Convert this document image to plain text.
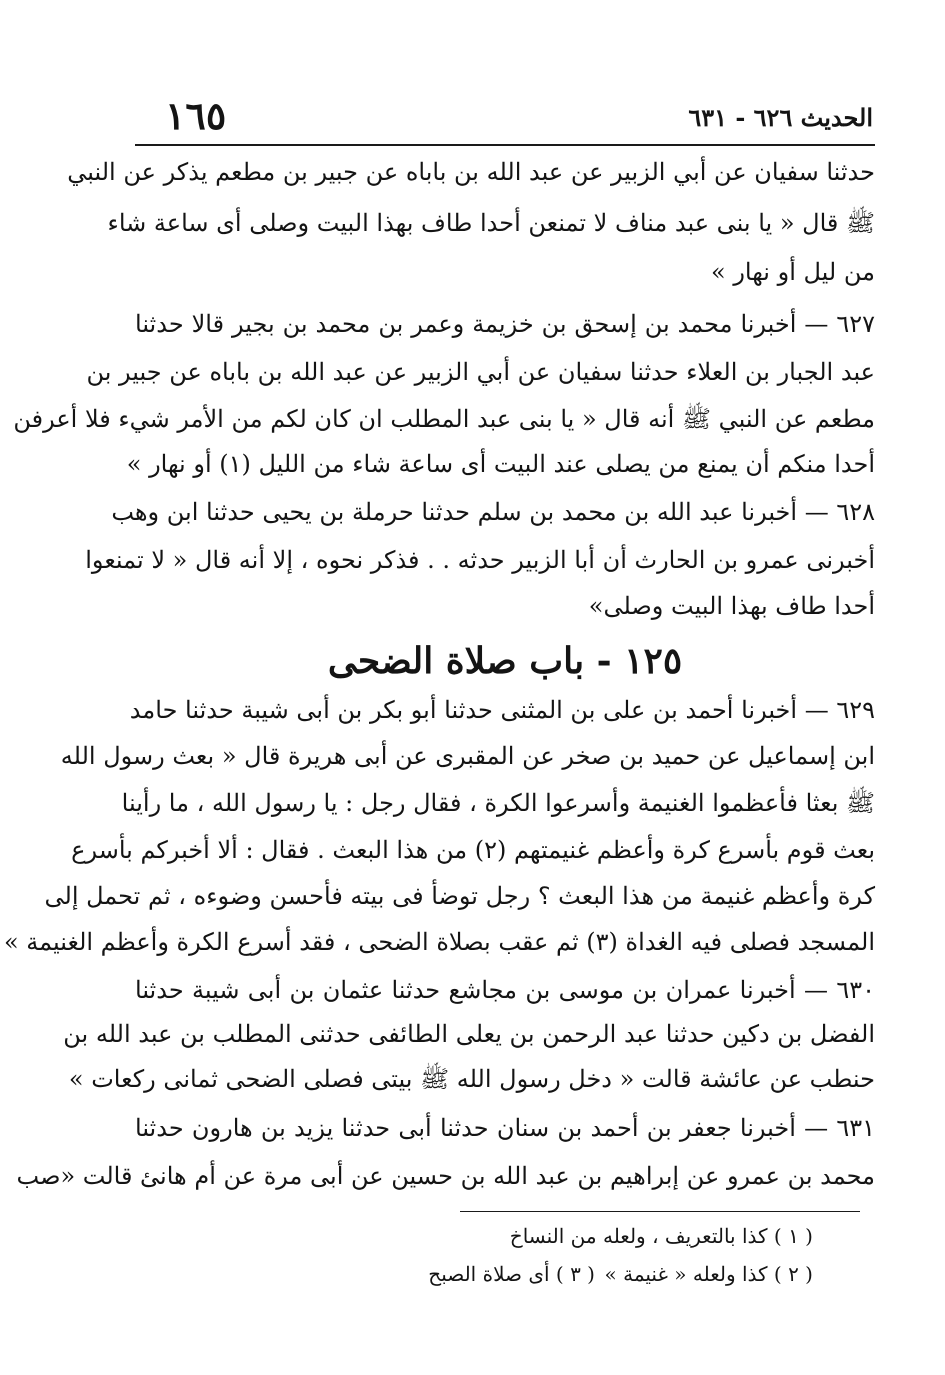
١٦٥	الحديث ٦٢٦ - ٦٣١
حدثنا سفيان عن أبي الزبير عن عبد الله بن باباه عن جبير بن مطعم يذكر عن النبي
ﷺ قال « يا بنى عبد مناف لا تمنعن أحدا طاف بهذا البيت وصلى أى ساعة شاء
من ليل أو نهار »
٦٢٧ — أخبرنا محمد بن إسحق بن خزيمة وعمر بن محمد بن بجير قالا حدثنا
عبد الجبار بن العلاء حدثنا سفيان عن أبي الزبير عن عبد الله بن باباه عن جبير بن
مطعم عن النبي ﷺ أنه قال « يا بنى عبد المطلب ان كان لكم من الأمر شيء فلا أعرفن
أحدا منكم أن يمنع من يصلى عند البيت أى ساعة شاء من الليل (١) أو نهار »
٦٢٨ — أخبرنا عبد الله بن محمد بن سلم حدثنا حرملة بن يحيى حدثنا ابن وهب
أخبرنى عمرو بن الحارث أن أبا الزبير حدثه . . فذكر نحوه ، إلا أنه قال « لا تمنعوا
أحدا طاف بهذا البيت وصلى»
١٢٥ - باب صلاة الضحى
٦٢٩ — أخبرنا أحمد بن على بن المثنى حدثنا أبو بكر بن أبى شيبة حدثنا حامد
ابن إسماعيل عن حميد بن صخر عن المقبرى عن أبى هريرة قال « بعث رسول الله
ﷺ بعثا فأعظموا الغنيمة وأسرعوا الكرة ، فقال رجل : يا رسول الله ، ما رأينا
بعث قوم بأسرع كرة وأعظم غنيمتهم (٢) من هذا البعث . فقال : ألا أخبركم بأسرع
كرة وأعظم غنيمة من هذا البعث ؟ رجل توضأ فى بيته فأحسن وضوءه ، ثم تحمل إلى
المسجد فصلى فيه الغداة (٣) ثم عقب بصلاة الضحى ، فقد أسرع الكرة وأعظم الغنيمة »
٦٣٠ — أخبرنا عمران بن موسى بن مجاشع حدثنا عثمان بن أبى شيبة حدثنا
الفضل بن دكين حدثنا عبد الرحمن بن يعلى الطائفى حدثنى المطلب بن عبد الله بن
حنطب عن عائشة قالت « دخل رسول الله ﷺ بيتى فصلى الضحى ثمانى ركعات »
٦٣١ — أخبرنا جعفر بن أحمد بن سنان حدثنا أبى حدثنا يزيد بن هارون حدثنا
محمد بن عمرو عن إبراهيم بن عبد الله بن حسين عن أبى مرة عن أم هانئ قالت «صب
( ١ ) كذا بالتعريف ، ولعله من النساخ
( ٢ ) كذا ولعله « غنيمة »
( ٣ ) أى صلاة الصبح
